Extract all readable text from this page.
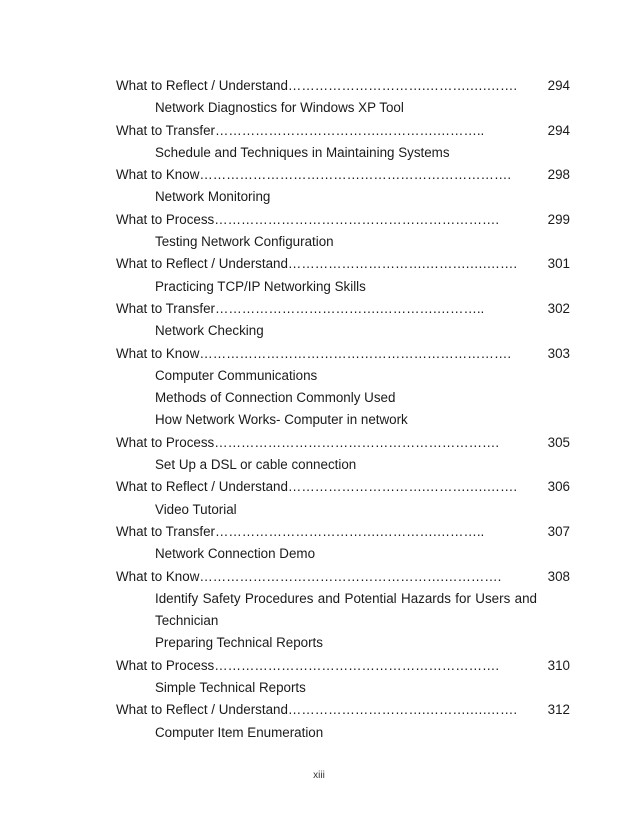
What to Reflect / Understand………………………….……….….……. 294
Network Diagnostics for Windows XP Tool
What to Transfer……………………………….………….………..	294
Schedule and Techniques in Maintaining Systems
What to Know…………………………………………………………….	298
Network Monitoring
What to Process……………………………………………………….	299
Testing Network Configuration
What to Reflect / Understand………………………….……….….……. 301
Practicing TCP/IP Networking Skills
What to Transfer……………………………….………….………..	302
Network Checking
What to Know…………………………………………………………….	303
Computer Communications
Methods of Connection Commonly Used
How Network Works- Computer in network
What to Process……………………………………………………….	305
Set Up a DSL or cable connection
What to Reflect / Understand………………………….……….….……. 306
Video Tutorial
What to Transfer……………………………….………….………..	307
Network Connection Demo
What to Know……………………………………………….………….	308
Identify Safety Procedures and Potential Hazards for Users and Technician
Preparing Technical Reports
What to Process……………………………………………………….	310
Simple Technical Reports
What to Reflect / Understand………………………….……….….……. 312
Computer Item Enumeration
xiii
